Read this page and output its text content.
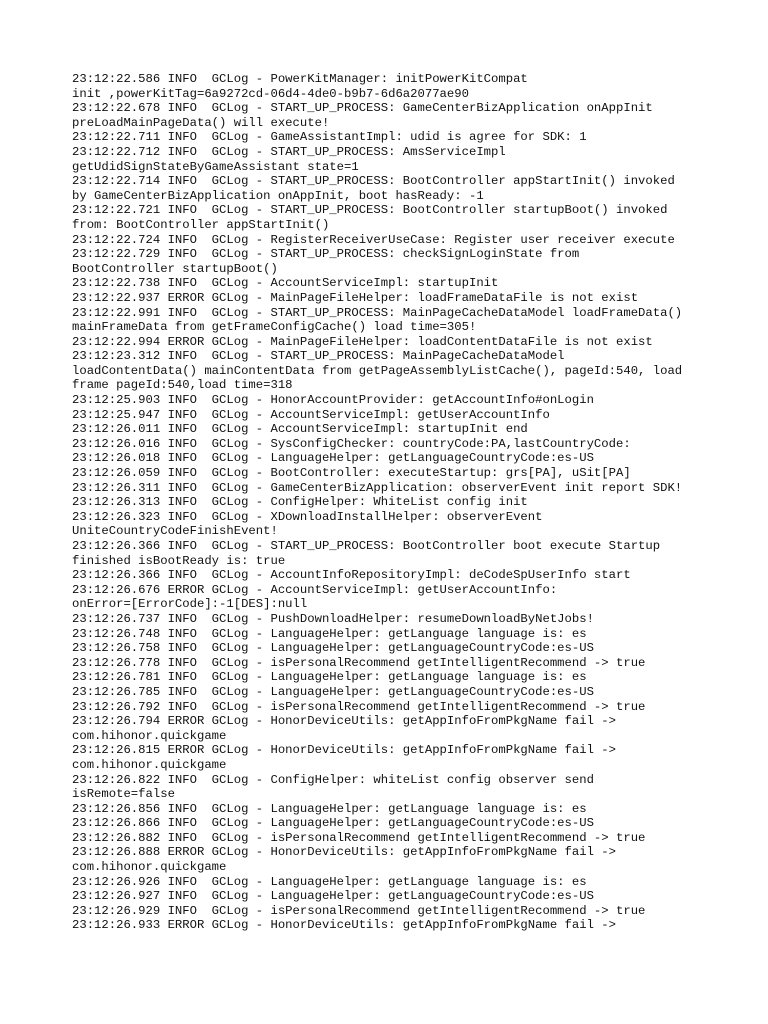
23:12:22.586 INFO  GCLog - PowerKitManager: initPowerKitCompat
init ,powerKitTag=6a9272cd-06d4-4de0-b9b7-6d6a2077ae90
23:12:22.678 INFO  GCLog - START_UP_PROCESS: GameCenterBizApplication onAppInit
preLoadMainPageData() will execute!
23:12:22.711 INFO  GCLog - GameAssistantImpl: udid is agree for SDK: 1
23:12:22.712 INFO  GCLog - START_UP_PROCESS: AmsServiceImpl
getUdidSignStateByGameAssistant state=1
23:12:22.714 INFO  GCLog - START_UP_PROCESS: BootController appStartInit() invoked
by GameCenterBizApplication onAppInit, boot hasReady: -1
23:12:22.721 INFO  GCLog - START_UP_PROCESS: BootController startupBoot() invoked
from: BootController appStartInit()
23:12:22.724 INFO  GCLog - RegisterReceiverUseCase: Register user receiver execute
23:12:22.729 INFO  GCLog - START_UP_PROCESS: checkSignLoginState from
BootController startupBoot()
23:12:22.738 INFO  GCLog - AccountServiceImpl: startupInit
23:12:22.937 ERROR GCLog - MainPageFileHelper: loadFrameDataFile is not exist
23:12:22.991 INFO  GCLog - START_UP_PROCESS: MainPageCacheDataModel loadFrameData()
mainFrameData from getFrameConfigCache() load time=305!
23:12:22.994 ERROR GCLog - MainPageFileHelper: loadContentDataFile is not exist
23:12:23.312 INFO  GCLog - START_UP_PROCESS: MainPageCacheDataModel
loadContentData() mainContentData from getPageAssemblyListCache(), pageId:540, load
frame pageId:540,load time=318
23:12:25.903 INFO  GCLog - HonorAccountProvider: getAccountInfo#onLogin
23:12:25.947 INFO  GCLog - AccountServiceImpl: getUserAccountInfo
23:12:26.011 INFO  GCLog - AccountServiceImpl: startupInit end
23:12:26.016 INFO  GCLog - SysConfigChecker: countryCode:PA,lastCountryCode:
23:12:26.018 INFO  GCLog - LanguageHelper: getLanguageCountryCode:es-US
23:12:26.059 INFO  GCLog - BootController: executeStartup: grs[PA], uSit[PA]
23:12:26.311 INFO  GCLog - GameCenterBizApplication: observerEvent init report SDK!
23:12:26.313 INFO  GCLog - ConfigHelper: WhiteList config init
23:12:26.323 INFO  GCLog - XDownloadInstallHelper: observerEvent
UniteCountryCodeFinishEvent!
23:12:26.366 INFO  GCLog - START_UP_PROCESS: BootController boot execute Startup
finished isBootReady is: true
23:12:26.366 INFO  GCLog - AccountInfoRepositoryImpl: deCodeSpUserInfo start
23:12:26.676 ERROR GCLog - AccountServiceImpl: getUserAccountInfo:
onError=[ErrorCode]:-1[DES]:null
23:12:26.737 INFO  GCLog - PushDownloadHelper: resumeDownloadByNetJobs!
23:12:26.748 INFO  GCLog - LanguageHelper: getLanguage language is: es
23:12:26.758 INFO  GCLog - LanguageHelper: getLanguageCountryCode:es-US
23:12:26.778 INFO  GCLog - isPersonalRecommend getIntelligentRecommend -> true
23:12:26.781 INFO  GCLog - LanguageHelper: getLanguage language is: es
23:12:26.785 INFO  GCLog - LanguageHelper: getLanguageCountryCode:es-US
23:12:26.792 INFO  GCLog - isPersonalRecommend getIntelligentRecommend -> true
23:12:26.794 ERROR GCLog - HonorDeviceUtils: getAppInfoFromPkgName fail ->
com.hihonor.quickgame
23:12:26.815 ERROR GCLog - HonorDeviceUtils: getAppInfoFromPkgName fail ->
com.hihonor.quickgame
23:12:26.822 INFO  GCLog - ConfigHelper: whiteList config observer send
isRemote=false
23:12:26.856 INFO  GCLog - LanguageHelper: getLanguage language is: es
23:12:26.866 INFO  GCLog - LanguageHelper: getLanguageCountryCode:es-US
23:12:26.882 INFO  GCLog - isPersonalRecommend getIntelligentRecommend -> true
23:12:26.888 ERROR GCLog - HonorDeviceUtils: getAppInfoFromPkgName fail ->
com.hihonor.quickgame
23:12:26.926 INFO  GCLog - LanguageHelper: getLanguage language is: es
23:12:26.927 INFO  GCLog - LanguageHelper: getLanguageCountryCode:es-US
23:12:26.929 INFO  GCLog - isPersonalRecommend getIntelligentRecommend -> true
23:12:26.933 ERROR GCLog - HonorDeviceUtils: getAppInfoFromPkgName fail ->
